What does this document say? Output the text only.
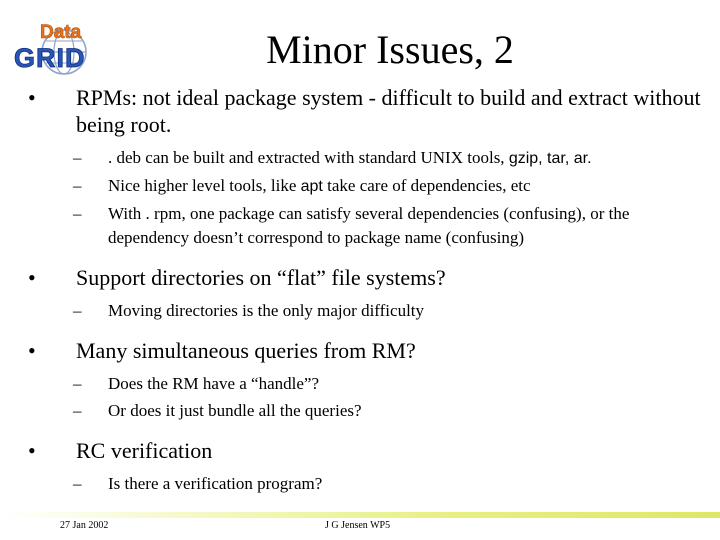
Data
GRID	Minor Issues, 2
• RPMs: not ideal package system - difficult to build and extract without being root.
– . deb can be built and extracted with standard UNIX tools, gzip, tar, ar.
– Nice higher level tools, like apt take care of dependencies, etc
– With . rpm, one package can satisfy several dependencies (confusing), or the dependency doesn’t correspond to package name (confusing)
• Support directories on “flat” file systems?
– Moving directories is the only major difficulty
• Many simultaneous queries from RM?
– Does the RM have a “handle”?
– Or does it just bundle all the queries?
• RC verification
– Is there a verification program?
27 Jan 2002	J G Jensen WP5
